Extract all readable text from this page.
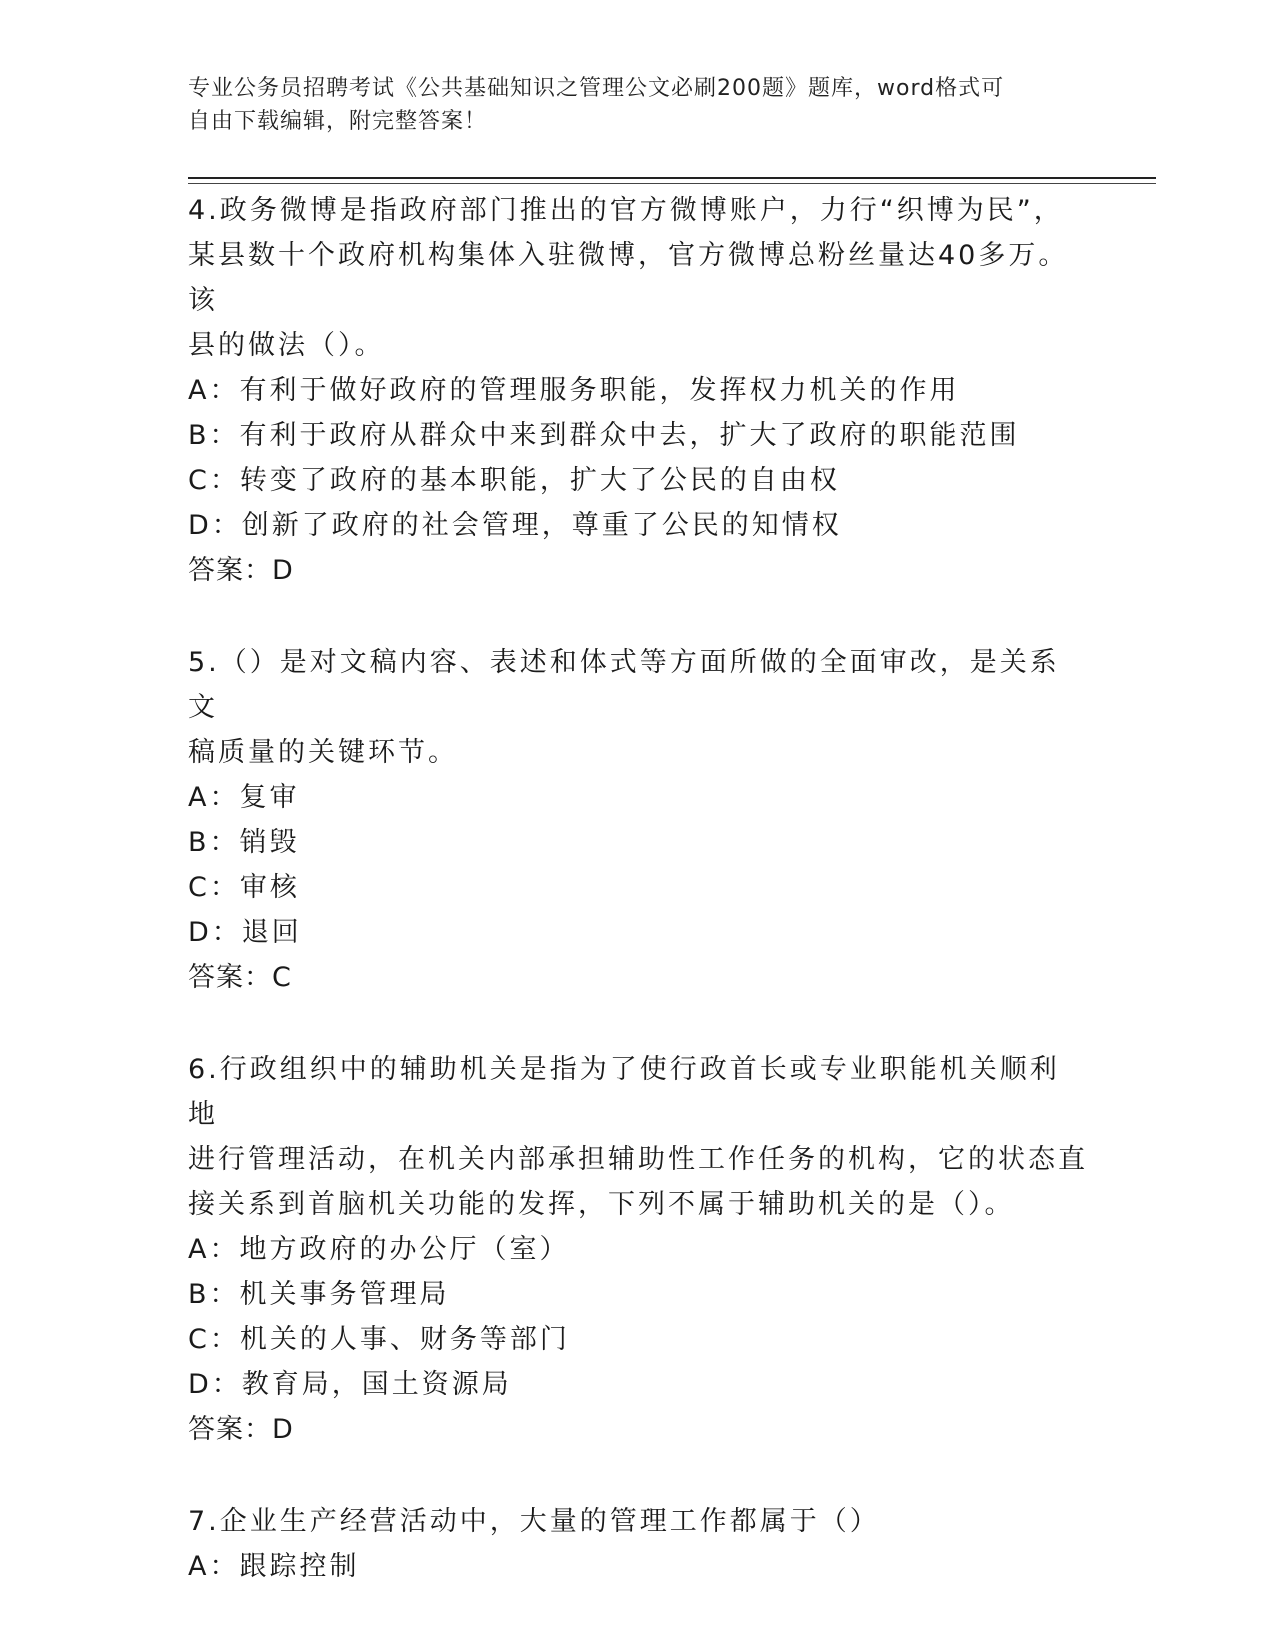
专业公务员招聘考试《公共基础知识之管理公文必刷200题》题库，word格式可
自由下载编辑，附完整答案！

4.政务微博是指政府部门推出的官方微博账户，力行“织博为民”，

某县数十个政府机构集体入驻微博，官方微博总粉丝量达40多万。该

县的做法（）。

A：有利于做好政府的管理服务职能，发挥权力机关的作用

B：有利于政府从群众中来到群众中去，扩大了政府的职能范围

C：转变了政府的基本职能，扩大了公民的自由权

D：创新了政府的社会管理，尊重了公民的知情权

答案：D

5.（）是对文稿内容、表述和体式等方面所做的全面审改，是关系文

稿质量的关键环节。

A：复审

B：销毁

C：审核

D：退回

答案：C

6.行政组织中的辅助机关是指为了使行政首长或专业职能机关顺利地

进行管理活动，在机关内部承担辅助性工作任务的机构，它的状态直

接关系到首脑机关功能的发挥，下列不属于辅助机关的是（）。

A：地方政府的办公厅（室）

B：机关事务管理局

C：机关的人事、财务等部门

D：教育局，国土资源局

答案：D

7.企业生产经营活动中，大量的管理工作都属于（）

A：跟踪控制
